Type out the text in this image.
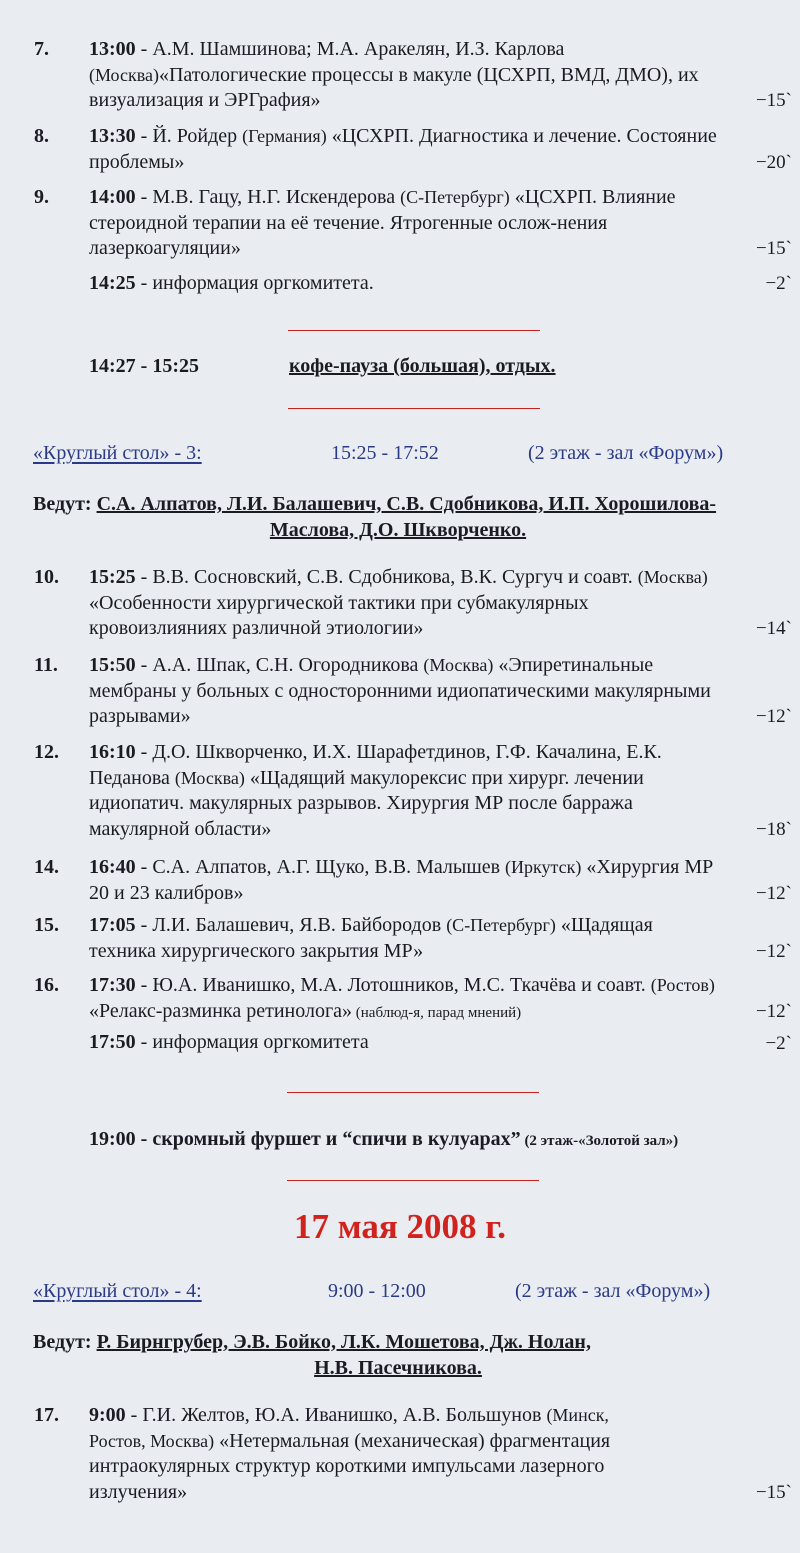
7. 13:00 - А.М. Шамшинова; М.А. Аракелян, И.З. Карлова (Москва)«Патологические процессы в макуле (ЦСХРП, ВМД, ДМО), их визуализация и ЭРГрафия»	−15`
8. 13:30 - Й. Ройдер (Германия) «ЦСХРП. Диагностика и лечение. Состояние проблемы»	−20`
9. 14:00 - М.В. Гацу, Н.Г. Искендерова (С-Петербург) «ЦСХРП. Влияние стероидной терапии на её течение. Ятрогенные ослож-нения лазеркоагуляции»	−15`
14:25 - информация оргкомитета.	−2`
14:27 - 15:25	кофе-пауза (большая), отдых.
«Круглый стол» - 3:	15:25 - 17:52	(2 этаж - зал «Форум»)
Ведут: С.А. Алпатов, Л.И. Балашевич, С.В. Сдобникова, И.П. Хорошилова-
Маслова, Д.О. Шкворченко.
10. 15:25 - В.В. Сосновский, С.В. Сдобникова, В.К. Сургуч и соавт. (Москва) «Особенности хирургической тактики при субмакулярных кровоизлияниях различной этиологии»	−14`
11. 15:50 - А.А. Шпак, С.Н. Огородникова (Москва) «Эпиретинальные мембраны у больных с односторонними идиопатическими макулярными разрывами»	−12`
12. 16:10 - Д.О. Шкворченко, И.Х. Шарафетдинов, Г.Ф. Качалина, Е.К. Педанова (Москва) «Щадящий макулорексис при хирург. лечении идиопатич. макулярных разрывов. Хирургия МР после барража макулярной области»	−18`
14. 16:40 - С.А. Алпатов, А.Г. Щуко, В.В. Малышев (Иркутск) «Хирургия МР 20 и 23 калибров»	−12`
15. 17:05 - Л.И. Балашевич, Я.В. Байбородов (С-Петербург) «Щадящая техника хирургического закрытия МР»	−12`
16. 17:30 - Ю.А. Иванишко, М.А. Лотошников, М.С. Ткачёва и соавт. (Ростов) «Релакс-разминка ретинолога» (наблюд-я, парад мнений)	−12`
17:50 - информация оргкомитета	−2`
19:00 - скромный фуршет и “спичи в кулуарах” (2 этаж-«Золотой зал»)
17 мая 2008 г.
«Круглый стол» - 4:	9:00 - 12:00	(2 этаж - зал «Форум»)
Ведут: Р. Бирнгрубер, Э.В. Бойко, Л.К. Мошетова, Дж. Нолан,
Н.В. Пасечникова.
17. 9:00 - Г.И. Желтов, Ю.А. Иванишко, А.В. Большунов (Минск, Ростов, Москва) «Нетермальная (механическая) фрагментация интраокулярных структур короткими импульсами лазерного излучения»	−15`
